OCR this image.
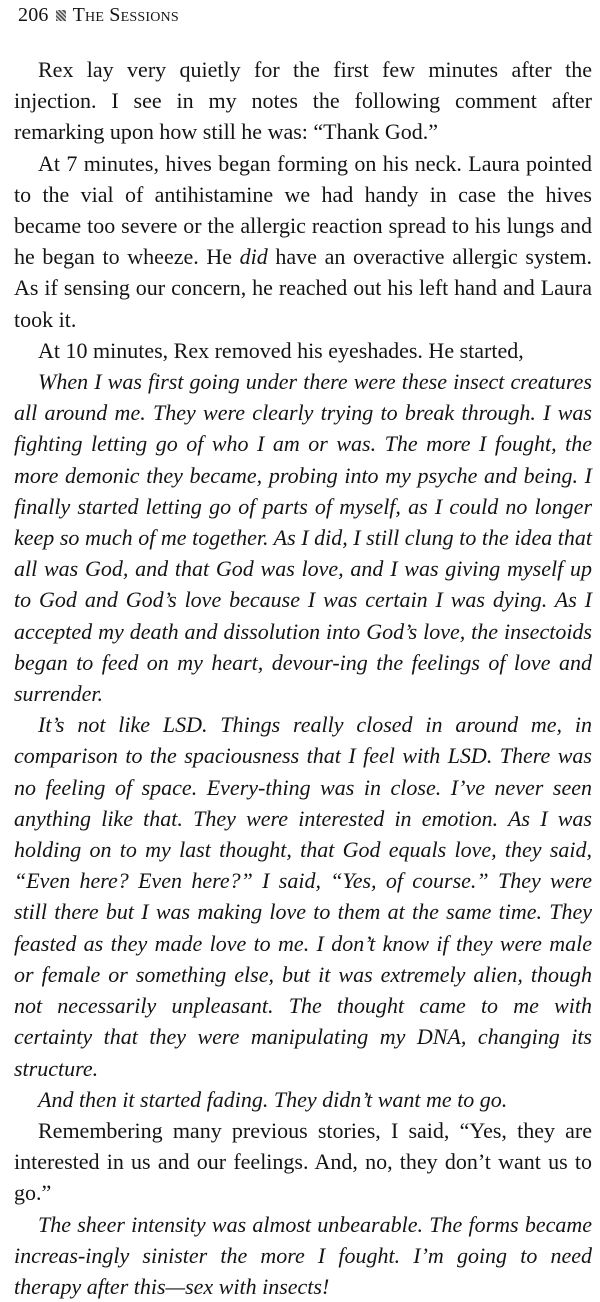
206 The Sessions

Rex lay very quietly for the first few minutes after the injection. I see in my notes the following comment after remarking upon how still he was: “Thank God.”

At 7 minutes, hives began forming on his neck. Laura pointed to the vial of antihistamine we had handy in case the hives became too severe or the allergic reaction spread to his lungs and he began to wheeze. He did have an overactive allergic system. As if sensing our concern, he reached out his left hand and Laura took it.

At 10 minutes, Rex removed his eyeshades. He started,

When I was first going under there were these insect creatures all around me. They were clearly trying to break through. I was fighting letting go of who I am or was. The more I fought, the more demonic they became, probing into my psyche and being. I finally started letting go of parts of myself, as I could no longer keep so much of me together. As I did, I still clung to the idea that all was God, and that God was love, and I was giving myself up to God and God’s love because I was certain I was dying. As I accepted my death and dissolution into God’s love, the insectoids began to feed on my heart, devour-ing the feelings of love and surrender.

It’s not like LSD. Things really closed in around me, in comparison to the spaciousness that I feel with LSD. There was no feeling of space. Every-thing was in close. I’ve never seen anything like that. They were interested in emotion. As I was holding on to my last thought, that God equals love, they said, “Even here? Even here?” I said, “Yes, of course.” They were still there but I was making love to them at the same time. They feasted as they made love to me. I don’t know if they were male or female or something else, but it was extremely alien, though not necessarily unpleasant. The thought came to me with certainty that they were manipulating my DNA, changing its structure.

And then it started fading. They didn’t want me to go.

Remembering many previous stories, I said, “Yes, they are interested in us and our feelings. And, no, they don’t want us to go.”

The sheer intensity was almost unbearable. The forms became increas-ingly sinister the more I fought. I’m going to need therapy after this—sex with insects!
